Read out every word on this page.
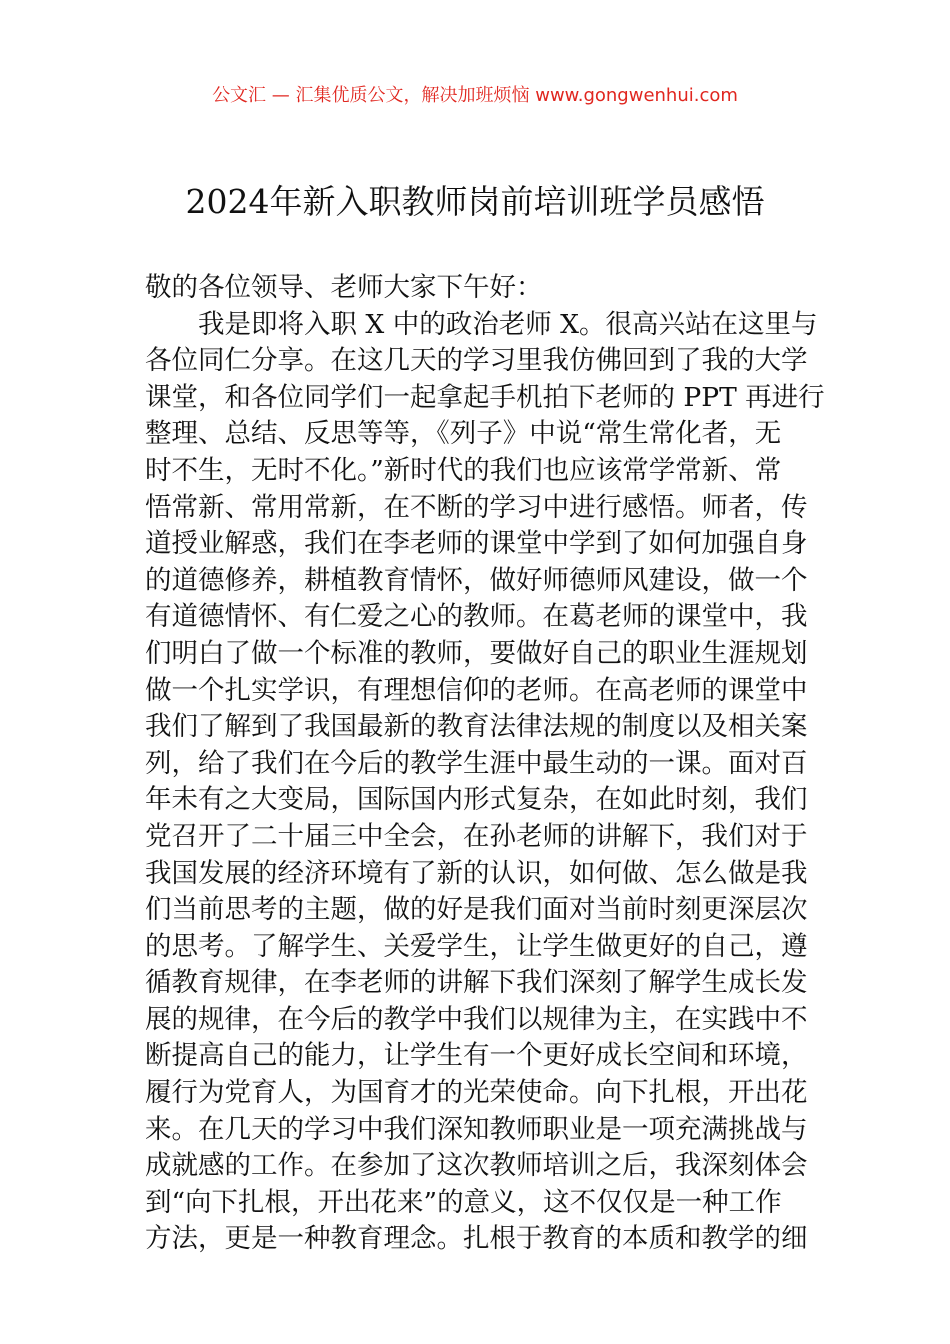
公文汇 — 汇集优质公文，解决加班烦恼 www.gongwenhui.com
2024年新入职教师岗前培训班学员感悟
敬的各位领导、老师大家下午好：
　　我是即将入职 X 中的政治老师 X。很高兴站在这里与
各位同仁分享。在这几天的学习里我仿佛回到了我的大学
课堂，和各位同学们一起拿起手机拍下老师的 PPT 再进行
整理、总结、反思等等，《列子》中说“常生常化者，无
时不生，无时不化。”新时代的我们也应该常学常新、常
悟常新、常用常新，在不断的学习中进行感悟。师者，传
道授业解惑，我们在李老师的课堂中学到了如何加强自身
的道德修养，耕植教育情怀，做好师德师风建设，做一个
有道德情怀、有仁爱之心的教师。在葛老师的课堂中，我
们明白了做一个标准的教师，要做好自己的职业生涯规划
做一个扎实学识，有理想信仰的老师。在高老师的课堂中
我们了解到了我国最新的教育法律法规的制度以及相关案
列，给了我们在今后的教学生涯中最生动的一课。面对百
年未有之大变局，国际国内形式复杂，在如此时刻，我们
党召开了二十届三中全会，在孙老师的讲解下，我们对于
我国发展的经济环境有了新的认识，如何做、怎么做是我
们当前思考的主题，做的好是我们面对当前时刻更深层次
的思考。了解学生、关爱学生，让学生做更好的自己，遵
循教育规律，在李老师的讲解下我们深刻了解学生成长发
展的规律，在今后的教学中我们以规律为主，在实践中不
断提高自己的能力，让学生有一个更好成长空间和环境，
履行为党育人，为国育才的光荣使命。向下扎根，开出花
来。在几天的学习中我们深知教师职业是一项充满挑战与
成就感的工作。在参加了这次教师培训之后，我深刻体会
到“向下扎根，开出花来”的意义，这不仅仅是一种工作
方法，更是一种教育理念。扎根于教育的本质和教学的细
